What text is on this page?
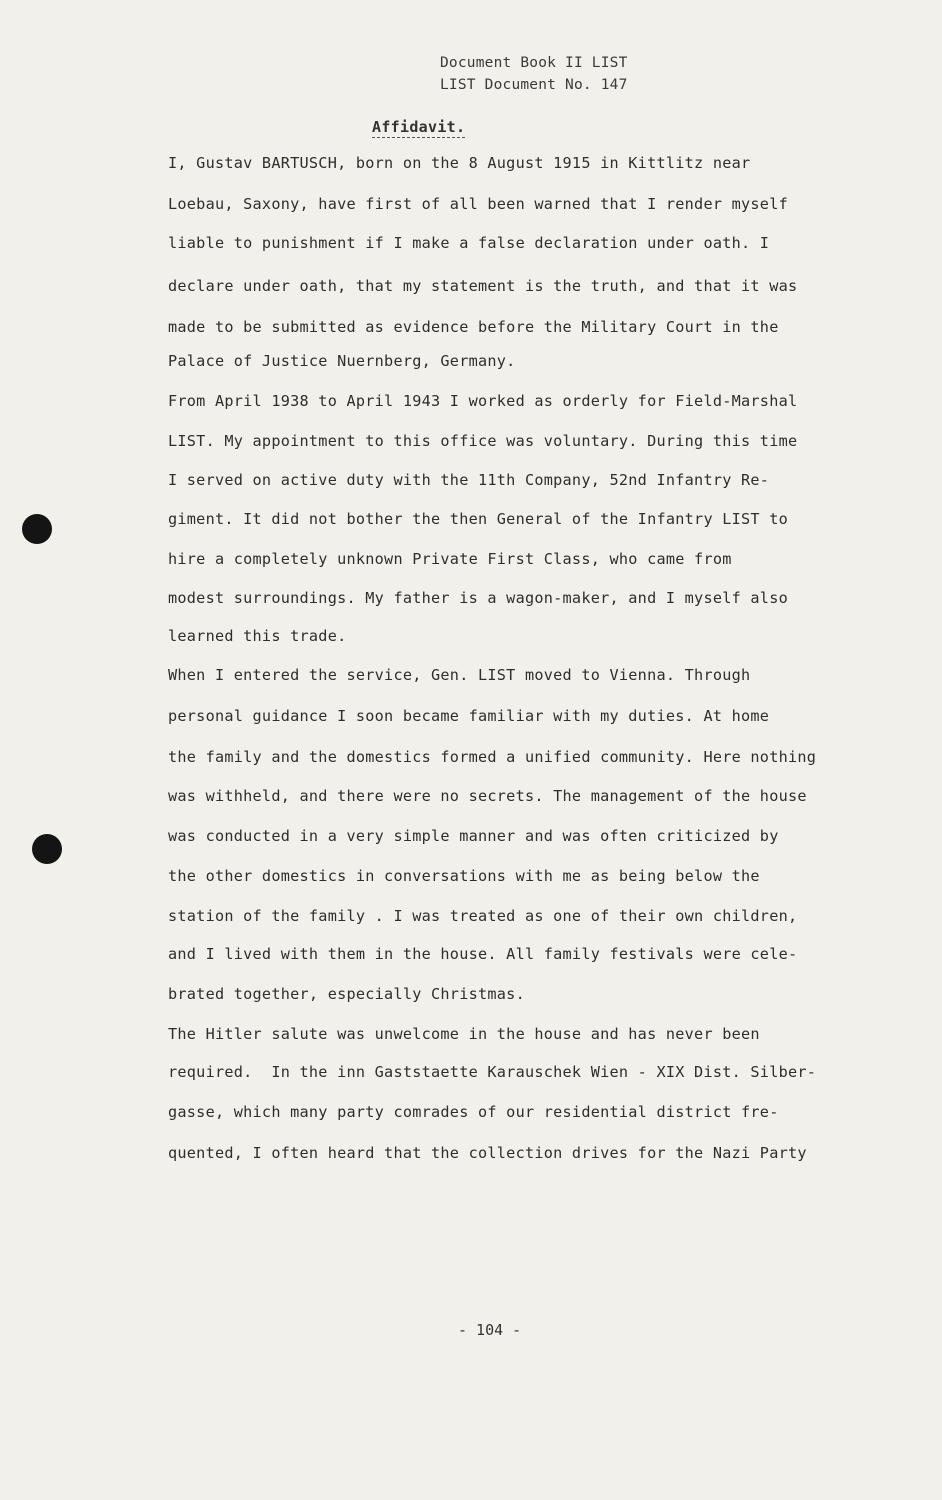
Document Book II LIST
LIST Document No. 147
Affidavit.
I, Gustav BARTUSCH, born on the 8 August 1915 in Kittlitz near
Loebau, Saxony, have first of all been warned that I render myself
liable to punishment if I make a false declaration under oath. I
declare under oath, that my statement is the truth, and that it was
made to be submitted as evidence before the Military Court in the
Palace of Justice Nuernberg, Germany.
From April 1938 to April 1943 I worked as orderly for Field-Marshal
LIST. My appointment to this office was voluntary. During this time
I served on active duty with the 11th Company, 52nd Infantry Re-
giment. It did not bother the then General of the Infantry LIST to
hire a completely unknown Private First Class, who came from
modest surroundings. My father is a wagon-maker, and I myself also
learned this trade.
When I entered the service, Gen. LIST moved to Vienna. Through
personal guidance I soon became familiar with my duties. At home
the family and the domestics formed a unified community. Here nothing
was withheld, and there were no secrets. The management of the house
was conducted in a very simple manner and was often criticized by
the other domestics in conversations with me as being below the
station of the family . I was treated as one of their own children,
and I lived with them in the house. All family festivals were cele-
brated together, especially Christmas.
The Hitler salute was unwelcome in the house and has never been
required.  In the inn Gaststaette Karauschek Wien - XIX Dist. Silber-
gasse, which many party comrades of our residential district fre-
quented, I often heard that the collection drives for the Nazi Party
- 104 -
